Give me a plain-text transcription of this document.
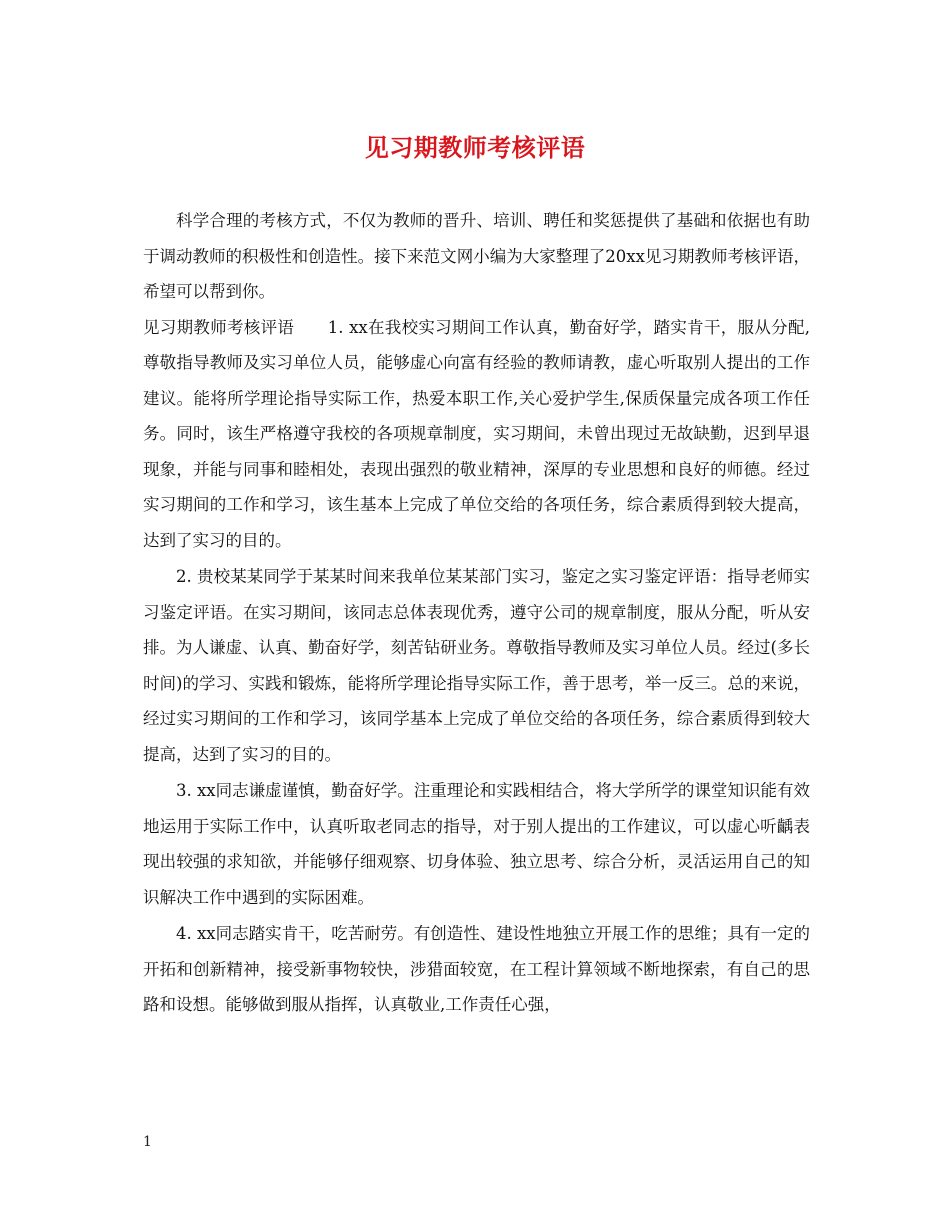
见习期教师考核评语

科学合理的考核方式，不仅为教师的晋升、培训、聘任和奖惩提供了基础和依据也有助于调动教师的积极性和创造性。接下来范文网小编为大家整理了20xx见习期教师考核评语，希望可以帮到你。

见习期教师考核评语　　1. xx在我校实习期间工作认真，勤奋好学，踏实肯干，服从分配,尊敬指导教师及实习单位人员，能够虚心向富有经验的教师请教，虚心听取别人提出的工作建议。能将所学理论指导实际工作，热爱本职工作,关心爱护学生,保质保量完成各项工作任务。同时，该生严格遵守我校的各项规章制度，实习期间，未曾出现过无故缺勤，迟到早退现象，并能与同事和睦相处，表现出强烈的敬业精神，深厚的专业思想和良好的师德。经过实习期间的工作和学习，该生基本上完成了单位交给的各项任务，综合素质得到较大提高，达到了实习的目的。

2. 贵校某某同学于某某时间来我单位某某部门实习，鉴定之实习鉴定评语：指导老师实习鉴定评语。在实习期间，该同志总体表现优秀，遵守公司的规章制度，服从分配，听从安排。为人谦虚、认真、勤奋好学，刻苦钻研业务。尊敬指导教师及实习单位人员。经过(多长时间)的学习、实践和锻炼，能将所学理论指导实际工作，善于思考，举一反三。总的来说，经过实习期间的工作和学习，该同学基本上完成了单位交给的各项任务，综合素质得到较大提高，达到了实习的目的。

3. xx同志谦虚谨慎，勤奋好学。注重理论和实践相结合，将大学所学的课堂知识能有效地运用于实际工作中，认真听取老同志的指导，对于别人提出的工作建议，可以虚心听齲表现出较强的求知欲，并能够仔细观察、切身体验、独立思考、综合分析，灵活运用自己的知识解决工作中遇到的实际困难。

4. xx同志踏实肯干，吃苦耐劳。有创造性、建设性地独立开展工作的思维；具有一定的开拓和创新精神，接受新事物较快，涉猎面较宽，在工程计算领域不断地探索，有自己的思路和设想。能够做到服从指挥，认真敬业,工作责任心强，

1
